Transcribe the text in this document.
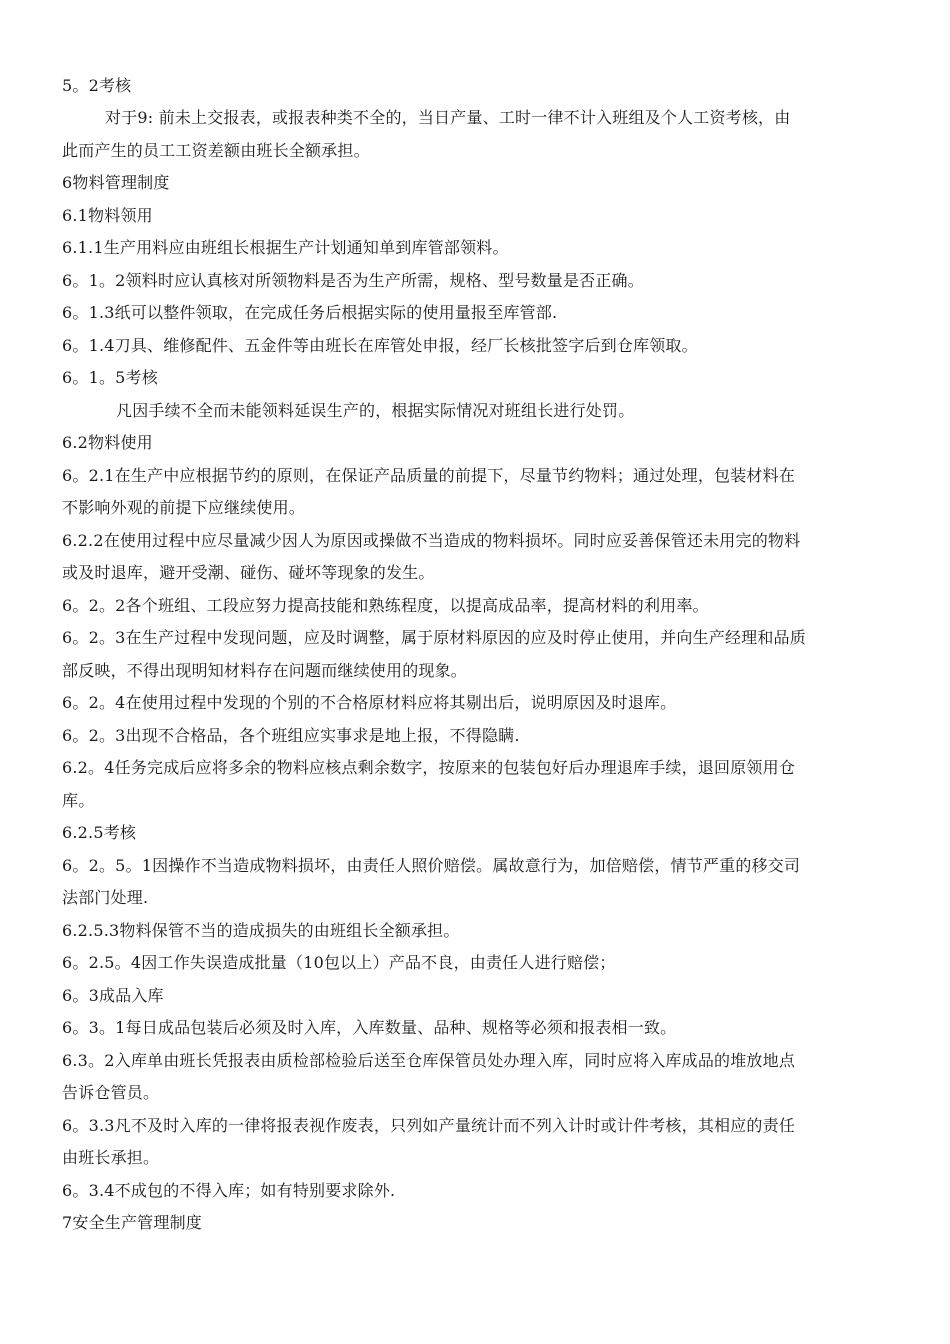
5。2考核
对于9: 前未上交报表，或报表种类不全的，当日产量、工时一律不计入班组及个人工资考核，由
此而产生的员工工资差额由班长全额承担。
6物料管理制度
6.1物料领用
6.1.1生产用料应由班组长根据生产计划通知单到库管部领料。
6。1。2领料时应认真核对所领物料是否为生产所需，规格、型号数量是否正确。
6。1.3纸可以整件领取，在完成任务后根据实际的使用量报至库管部.
6。1.4刀具、维修配件、五金件等由班长在库管处申报，经厂长核批签字后到仓库领取。
6。1。5考核
凡因手续不全而未能领料延误生产的，根据实际情况对班组长进行处罚。
6.2物料使用
6。2.1在生产中应根据节约的原则，在保证产品质量的前提下，尽量节约物料；通过处理，包装材料在
不影响外观的前提下应继续使用。
6.2.2在使用过程中应尽量减少因人为原因或操做不当造成的物料损坏。同时应妥善保管还未用完的物料
或及时退库，避开受潮、碰伤、碰坏等现象的发生。
6。2。2各个班组、工段应努力提高技能和熟练程度，以提高成品率，提高材料的利用率。
6。2。3在生产过程中发现问题，应及时调整，属于原材料原因的应及时停止使用，并向生产经理和品质
部反映，不得出现明知材料存在问题而继续使用的现象。
6。2。4在使用过程中发现的个别的不合格原材料应将其剔出后，说明原因及时退库。
6。2。3出现不合格品，各个班组应实事求是地上报，不得隐瞒.
6.2。4任务完成后应将多余的物料应核点剩余数字，按原来的包装包好后办理退库手续，退回原领用仓
库。
6.2.5考核
6。2。5。1因操作不当造成物料损坏，由责任人照价赔偿。属故意行为，加倍赔偿，情节严重的移交司
法部门处理.
6.2.5.3物料保管不当的造成损失的由班组长全额承担。
6。2.5。4因工作失误造成批量（10包以上）产品不良，由责任人进行赔偿；
6。3成品入库
6。3。1每日成品包装后必须及时入库，入库数量、品种、规格等必须和报表相一致。
6.3。2入库单由班长凭报表由质检部检验后送至仓库保管员处办理入库，同时应将入库成品的堆放地点
告诉仓管员。
6。3.3凡不及时入库的一律将报表视作废表，只列如产量统计而不列入计时或计件考核，其相应的责任
由班长承担。
6。3.4不成包的不得入库；如有特别要求除外.
7安全生产管理制度
